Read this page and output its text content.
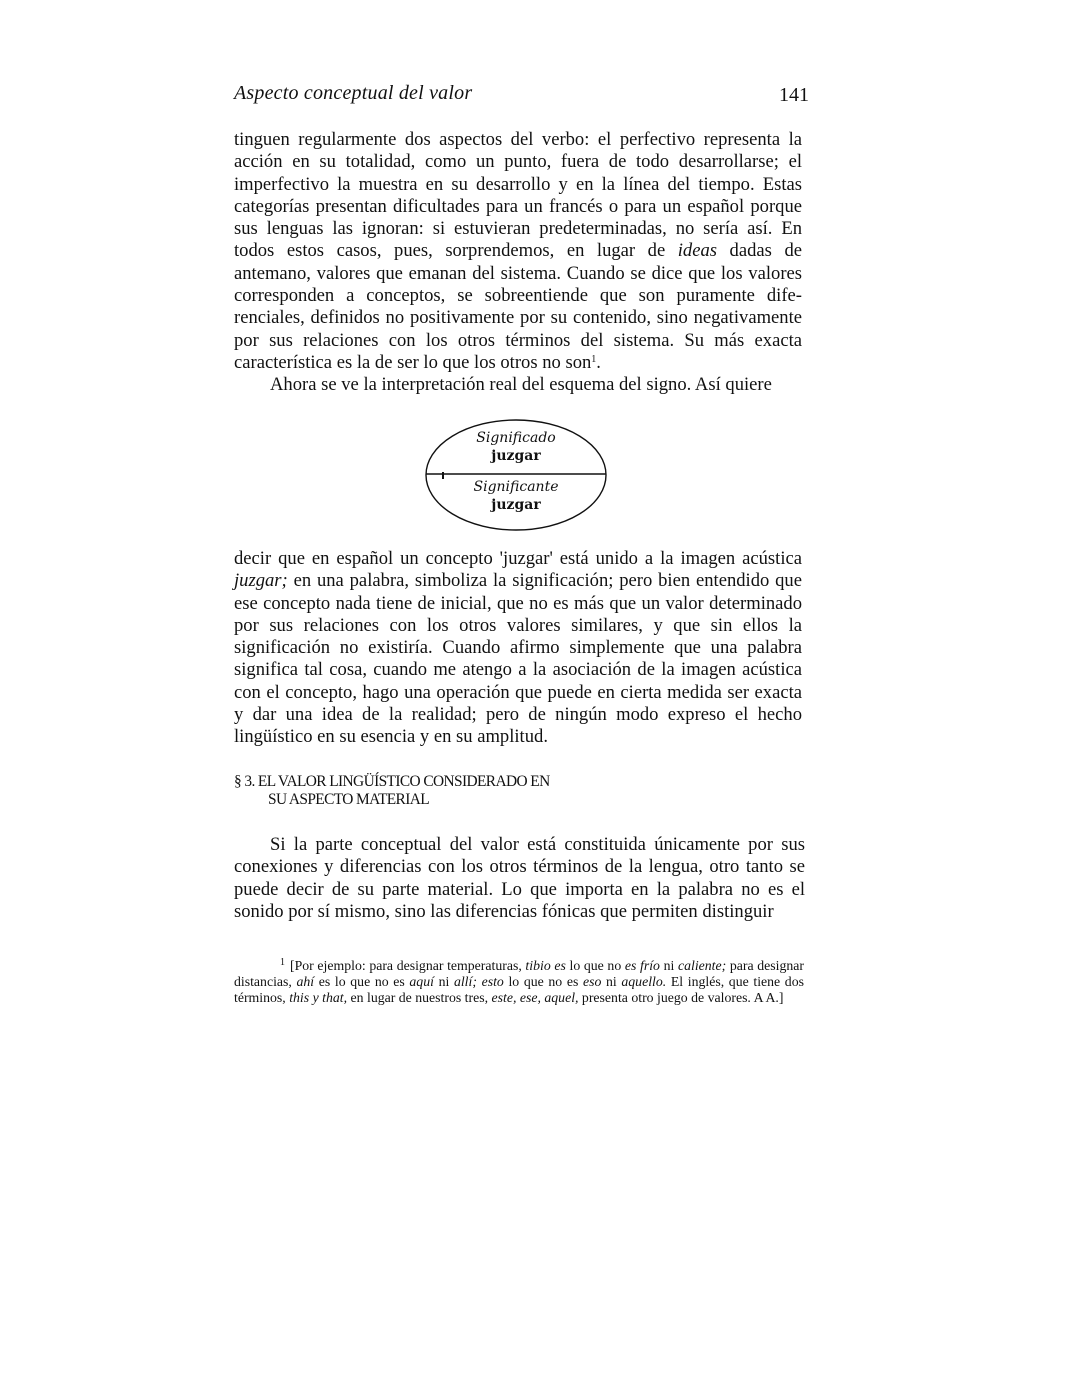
Aspecto conceptual del valor	141

tinguen regularmente dos aspectos del verbo: el perfectivo representa la acción en su totalidad, como un punto, fuera de todo desarrollarse; el imperfectivo la muestra en su desarrollo y en la línea del tiempo. Estas categorías presentan dificultades para un francés o para un español porque sus lenguas las ignoran: si estuvieran predeterminadas, no sería así. En todos estos casos, pues, sorprendemos, en lugar de ideas dadas de antemano, valores que emanan del sistema. Cuando se dice que los valores corresponden a conceptos, se sobreentiende que son puramente diferenciales, definidos no positivamente por su contenido, sino negativamente por sus relaciones con los otros términos del sistema. Su más exacta característica es la de ser lo que los otros no son$^1$.

Ahora se ve la interpretación real del esquema del signo. Así quiere

Significado
juzgar
Significante
juzgar

decir que en español un concepto 'juzgar' está unido a la imagen acústica juzgar; en una palabra, simboliza la significación; pero bien entendido que ese concepto nada tiene de inicial, que no es más que un valor determinado por sus relaciones con los otros valores similares, y que sin ellos la significación no existiría. Cuando afirmo simplemente que una palabra significa tal cosa, cuando me atengo a la asociación de la imagen acústica con el concepto, hago una operación que puede en cierta medida ser exacta y dar una idea de la realidad; pero de ningún modo expreso el hecho lingüístico en su esencia y en su amplitud.

§ 3. EL VALOR LINGÜÍSTICO CONSIDERADO EN
SU ASPECTO MATERIAL

Si la parte conceptual del valor está constituida únicamente por sus conexiones y diferencias con los otros términos de la lengua, otro tanto se puede decir de su parte material. Lo que importa en la palabra no es el sonido por sí mismo, sino las diferencias fónicas que permiten distinguir

$^1$ [Por ejemplo: para designar temperaturas, tibio es lo que no es frío ni caliente; para designar distancias, ahí es lo que no es aquí ni allí; esto lo que no es eso ni aquello. El inglés, que tiene dos términos, this y that, en lugar de nuestros tres, este, ese, aquel, presenta otro juego de valores. A A.]
